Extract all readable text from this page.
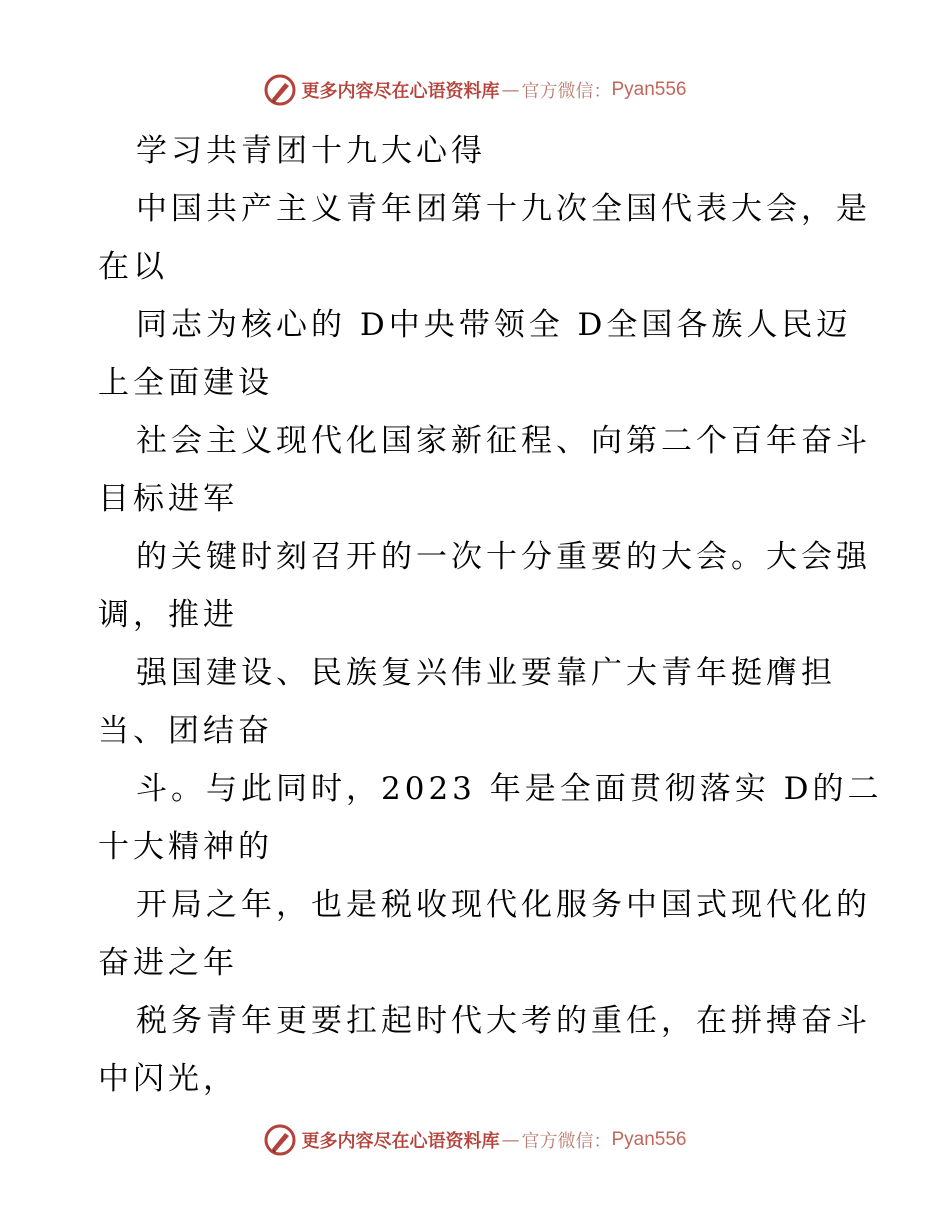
更多内容尽在心语资料库 — 官方微信： Pyan556
学习共青团十九大心得
中国共产主义青年团第十九次全国代表大会，是
在以
同志为核心的 D中央带领全 D全国各族人民迈
上全面建设
社会主义现代化国家新征程、向第二个百年奋斗
目标进军
的关键时刻召开的一次十分重要的大会。大会强
调，推进
强国建设、民族复兴伟业要靠广大青年挺膺担
当、团结奋
斗。与此同时，2023 年是全面贯彻落实 D的二
十大精神的
开局之年，也是税收现代化服务中国式现代化的
奋进之年
税务青年更要扛起时代大考的重任，在拼搏奋斗
中闪光，
更多内容尽在心语资料库 — 官方微信： Pyan556
